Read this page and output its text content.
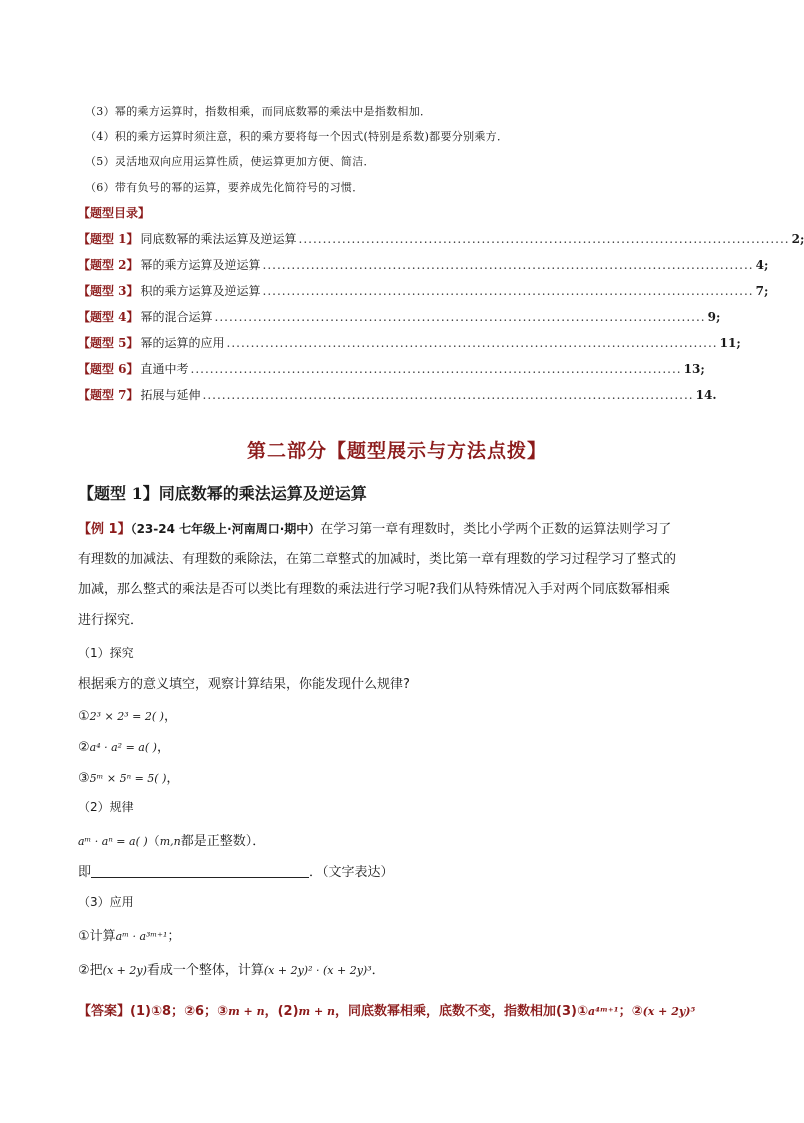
（3）幂的乘方运算时，指数相乘，而同底数幂的乘法中是指数相加．
（4）积的乘方运算时须注意，积的乘方要将每一个因式(特别是系数)都要分别乘方．
（5）灵活地双向应用运算性质，使运算更加方便、简洁．
（6）带有负号的幂的运算，要养成先化简符号的习惯．
【题型目录】
【题型 1】 同底数幂的乘法运算及逆运算 ...................................................................................................... 2;
【题型 2】 幂的乘方运算及逆运算 ...................................................................................................... 4;
【题型 3】 积的乘方运算及逆运算 ...................................................................................................... 7;
【题型 4】 幂的混合运算 ...................................................................................................... 9;
【题型 5】 幂的运算的应用 ...................................................................................................... 11;
【题型 6】 直通中考 ...................................................................................................... 13;
【题型 7】 拓展与延伸 ...................................................................................................... 14.
第二部分【题型展示与方法点拨】
【题型 1】同底数幂的乘法运算及逆运算
【例 1】（23-24 七年级上·河南周口·期中）在学习第一章有理数时，类比小学两个正数的运算法则学习了
有理数的加减法、有理数的乘除法，在第二章整式的加减时，类比第一章有理数的学习过程学习了整式的
加减，那么整式的乘法是否可以类比有理数的乘法进行学习呢?我们从特殊情况入手对两个同底数幂相乘
进行探究．
（1）探究
根据乘方的意义填空，观察计算结果，你能发现什么规律?
①2³ × 2³ = 2( )，
②a⁴ · a² = a( )，
③5ᵐ × 5ⁿ = 5( )，
（2）规律
aᵐ · aⁿ = a( )（m,n都是正整数）．
即	．（文字表达）
（3）应用
①计算aᵐ · a³ᵐ⁺¹；
②把(x + 2y)看成一个整体，计算(x + 2y)² · (x + 2y)³．
【答案】(1)①8；②6；③m + n，(2)m + n，同底数幂相乘，底数不变，指数相加(3)①a⁴ᵐ⁺¹；②(x + 2y)⁵
